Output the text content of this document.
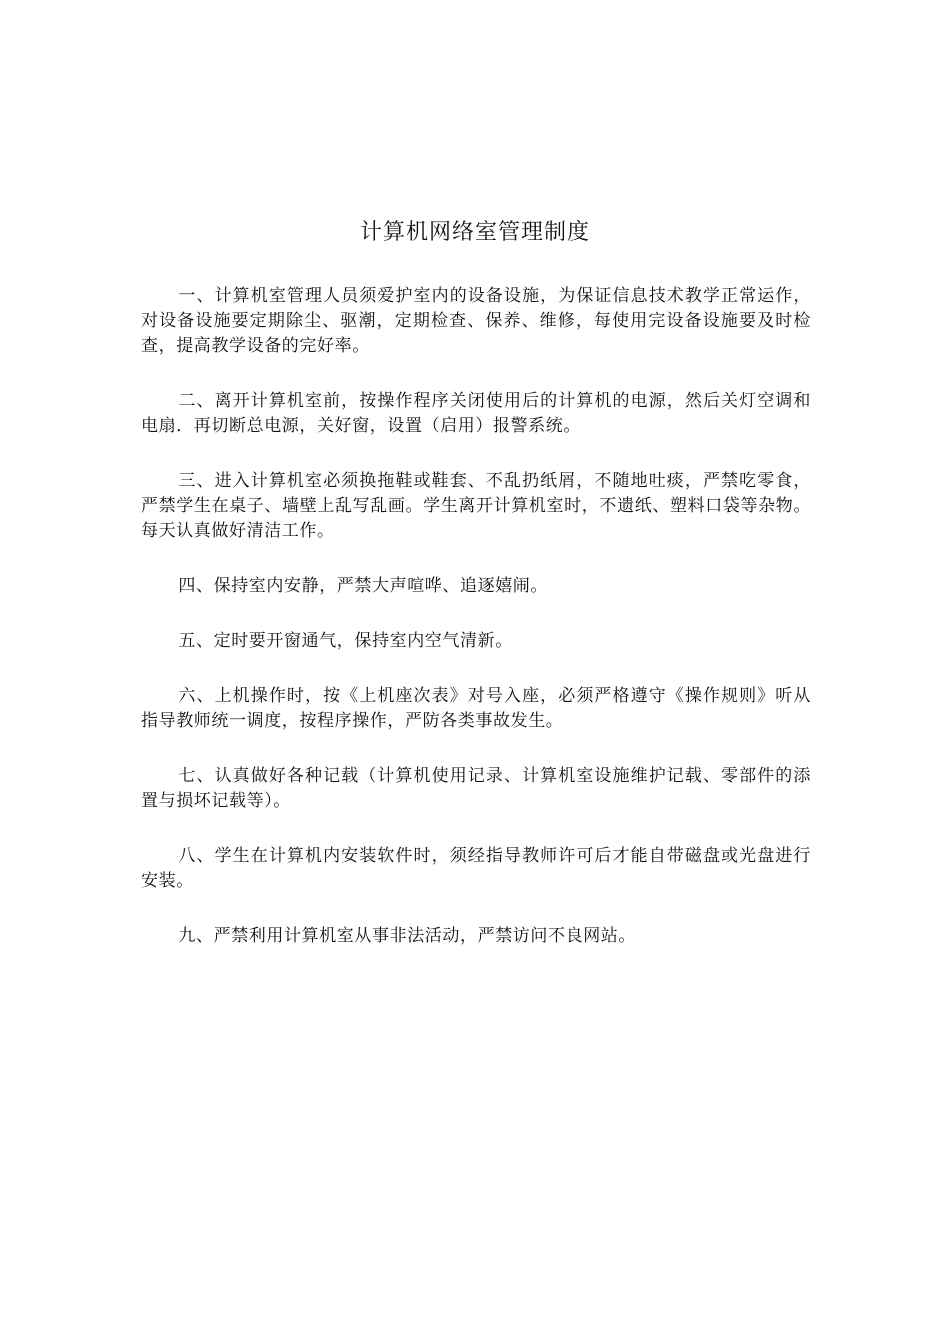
计算机网络室管理制度

一、计算机室管理人员须爱护室内的设备设施，为保证信息技术教学正常运作，对设备设施要定期除尘、驱潮，定期检查、保养、维修，每使用完设备设施要及时检查，提高教学设备的完好率。

二、离开计算机室前，按操作程序关闭使用后的计算机的电源，然后关灯空调和电扇．再切断总电源，关好窗，设置（启用）报警系统。

三、进入计算机室必须换拖鞋或鞋套、不乱扔纸屑，不随地吐痰，严禁吃零食，严禁学生在桌子、墙壁上乱写乱画。学生离开计算机室时，不遗纸、塑料口袋等杂物。每天认真做好清洁工作。

四、保持室内安静，严禁大声喧哗、追逐嬉闹。

五、定时要开窗通气，保持室内空气清新。

六、上机操作时，按《上机座次表》对号入座，必须严格遵守《操作规则》听从指导教师统一调度，按程序操作，严防各类事故发生。

七、认真做好各种记载（计算机使用记录、计算机室设施维护记载、零部件的添置与损坏记载等）。

八、学生在计算机内安装软件时，须经指导教师许可后才能自带磁盘或光盘进行安装。

九、严禁利用计算机室从事非法活动，严禁访问不良网站。
